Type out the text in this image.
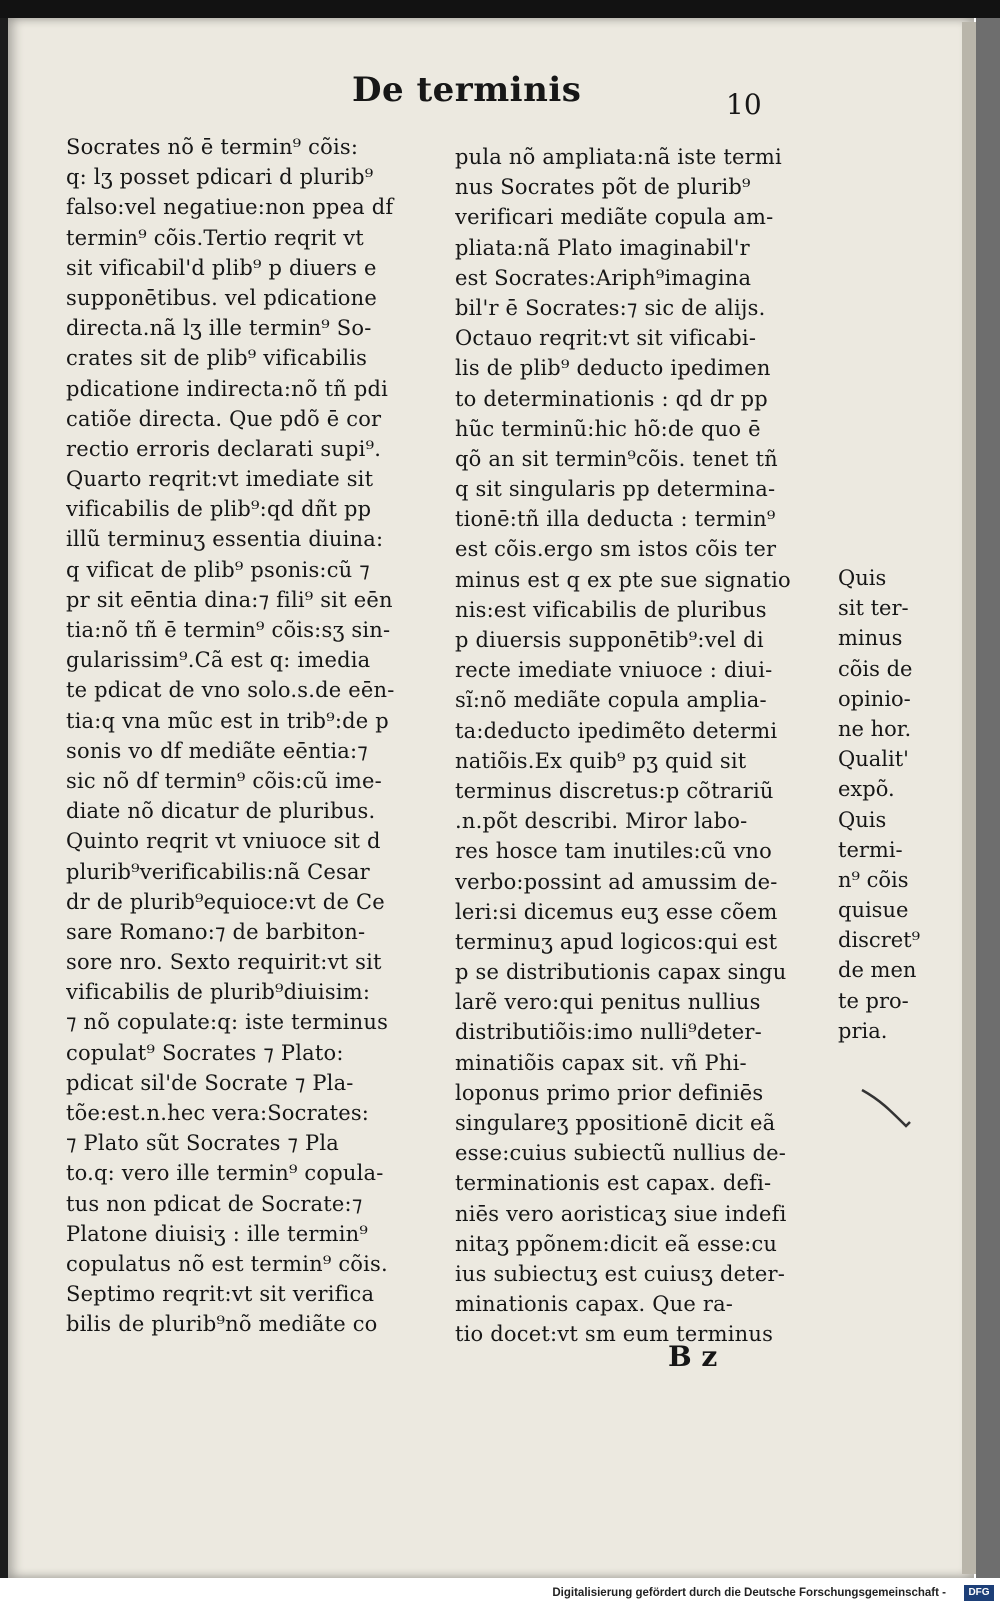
De terminis	10
Socrates nõ ē termin⁹ cõis:
q: lʒ posset pdicari d plurib⁹
falso:vel negatiue:non ppea df
termin⁹ cõis.Tertio reqrit vt
sit vificabil'd plib⁹ p diuers e
supponētibus. vel pdicatione
directa.nã lʒ ille termin⁹ So-
crates sit de plib⁹ vificabilis
pdicatione indirecta:nõ tñ pdi
catiõe directa. Que pdõ ē cor
rectio erroris declarati supi⁹.
Quarto reqrit:vt imediate sit
vificabilis de plib⁹:qd dñt pp
illũ terminuʒ essentia diuina:
q vificat de plib⁹ psonis:cũ ⁊
pr sit eēntia dina:⁊ fili⁹ sit eēn
tia:nõ tñ ē termin⁹ cõis:sʒ sin-
gularissim⁹.Cã est q: imedia
te pdicat de vno solo.s.de eēn-
tia:q vna mũc est in trib⁹:de p
sonis vo df mediãte eēntia:⁊
sic nõ df termin⁹ cõis:cũ ime-
diate nõ dicatur de pluribus.
Quinto reqrit vt vniuoce sit d
plurib⁹verificabilis:nã Cesar
dr de plurib⁹equioce:vt de Ce
sare Romano:⁊ de barbiton-
sore nro. Sexto requirit:vt sit
vificabilis de plurib⁹diuisim:
⁊ nõ copulate:q: iste terminus
copulat⁹ Socrates ⁊ Plato:
pdicat sil'de Socrate ⁊ Pla-
tõe:est.n.hec vera:Socrates:
⁊ Plato sũt Socrates ⁊ Pla
to.q: vero ille termin⁹ copula-
tus non pdicat de Socrate:⁊
Platone diuisiʒ : ille termin⁹
copulatus nõ est termin⁹ cõis.
Septimo reqrit:vt sit verifica
bilis de plurib⁹nõ mediãte co
pula nõ ampliata:nã iste termi
nus Socrates põt de plurib⁹
verificari mediãte copula am-
pliata:nã Plato imaginabil'r
est Socrates:Ariph⁹imagina
bil'r ē Socrates:⁊ sic de alijs.
Octauo reqrit:vt sit vificabi-
lis de plib⁹ deducto ipedimen
to determinationis : qd dr pp
hũc terminũ:hic hõ:de quo ē
qõ an sit termin⁹cõis. tenet tñ
q sit singularis pp determina-
tionē:tñ illa deducta : termin⁹
est cõis.ergo sm istos cõis ter
minus est q ex pte sue signatio
nis:est vificabilis de pluribus
p diuersis supponētib⁹:vel di
recte imediate vniuoce : diui-
sĩ:nõ mediãte copula amplia-
ta:deducto ipedimẽto determi
natiõis.Ex quib⁹ pʒ quid sit
terminus discretus:p cõtrariũ
.n.põt describi. Miror labo-
res hosce tam inutiles:cũ vno
verbo:possint ad amussim de-
leri:si dicemus euʒ esse cõem
terminuʒ apud logicos:qui est
p se distributionis capax singu
larẽ vero:qui penitus nullius
distributiõis:imo nulli⁹deter-
minatiõis capax sit. vñ Phi-
loponus primo prior definiēs
singulareʒ ppositionē dicit eã
esse:cuius subiectũ nullius de-
terminationis est capax. defi-
niēs vero aoristicaʒ siue indefi
nitaʒ ppõnem:dicit eã esse:cu
ius subiectuʒ est cuiusʒ deter-
minationis capax. Que ra-
tio docet:vt sm eum terminus
Quis
sit ter-
minus
cõis de
opinio-
ne hor.
Qualit'
expõ.
Quis
termi-
n⁹ cõis
quisue
discret⁹
de men
te pro-
pria.
B z
Digitalisierung gefördert durch die Deutsche Forschungsgemeinschaft -	DFG
